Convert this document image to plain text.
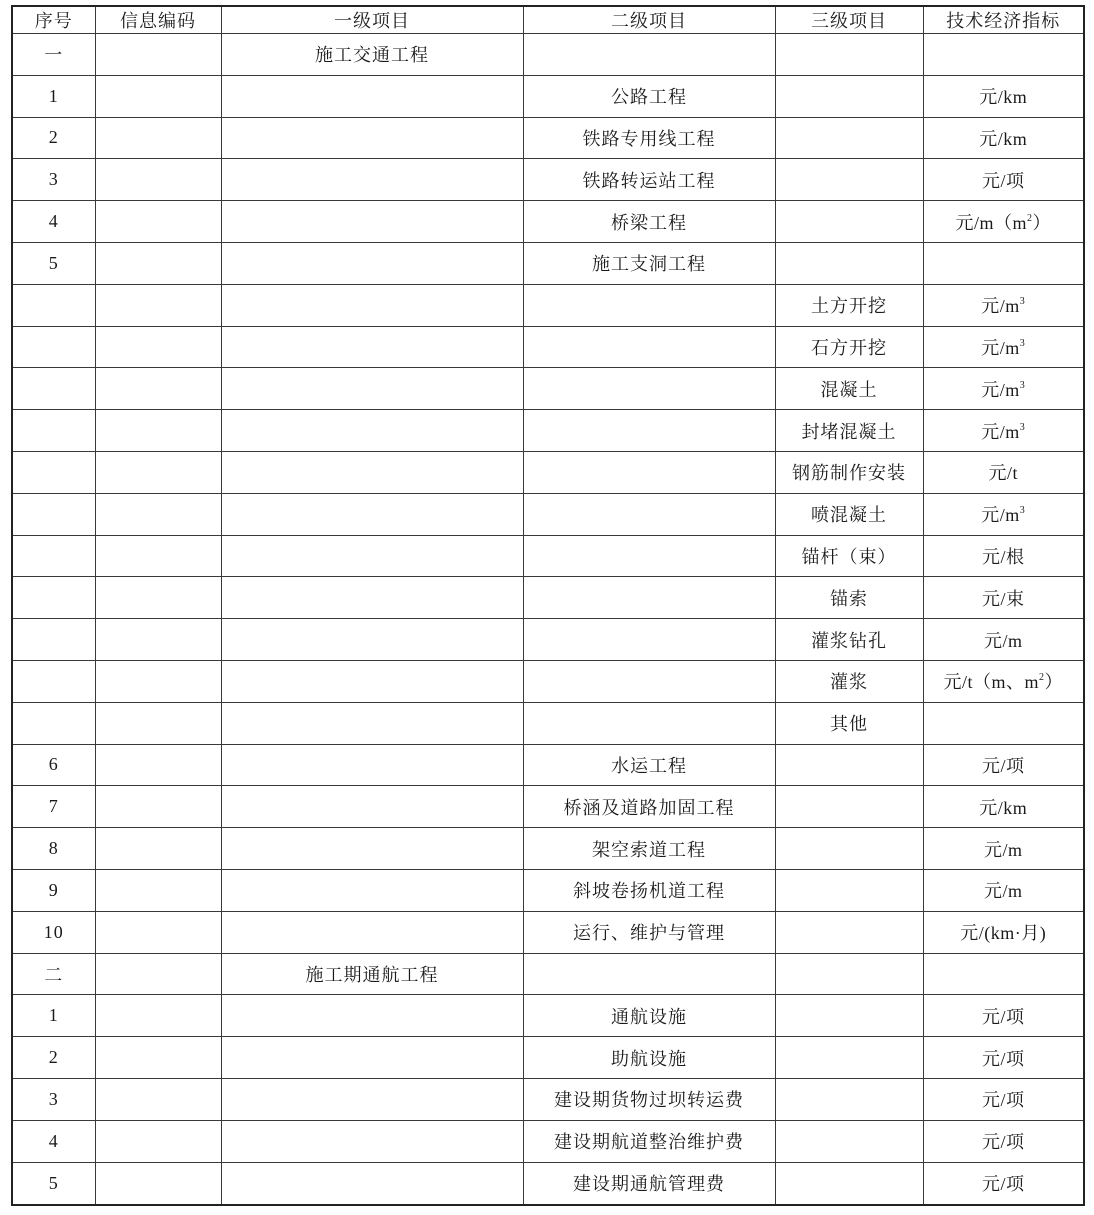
序号	信息编码	一级项目	二级项目	三级项目	技术经济指标
一		施工交通工程			
1			公路工程		元/km
2			铁路专用线工程		元/km
3			铁路转运站工程		元/项
4			桥梁工程		元$/m(m^2)$
5			施工支洞工程		
				土方开挖	元$/m^3$
				石方开挖	元$/m^3$
				混凝土	元$/m^3$
				封堵混凝土	元$/m^3$
				钢筋制作安装	元/t
				喷混凝土	元$/m^3$
				锚杆（束）	元/根
				锚索	元/束
				灌浆钻孔	元/m
				灌浆	元/t（m、$m^2$）
				其他	
6			水运工程		元/项
7			桥涵及道路加固工程		元/km
8			架空索道工程		元/m
9			斜坡卷扬机道工程		元/m
10			运行、维护与管理		元/(km·月)
二		施工期通航工程			
1			通航设施		元/项
2			助航设施		元/项
3			建设期货物过坝转运费		元/项
4			建设期航道整治维护费		元/项
5			建设期通航管理费		元/项
